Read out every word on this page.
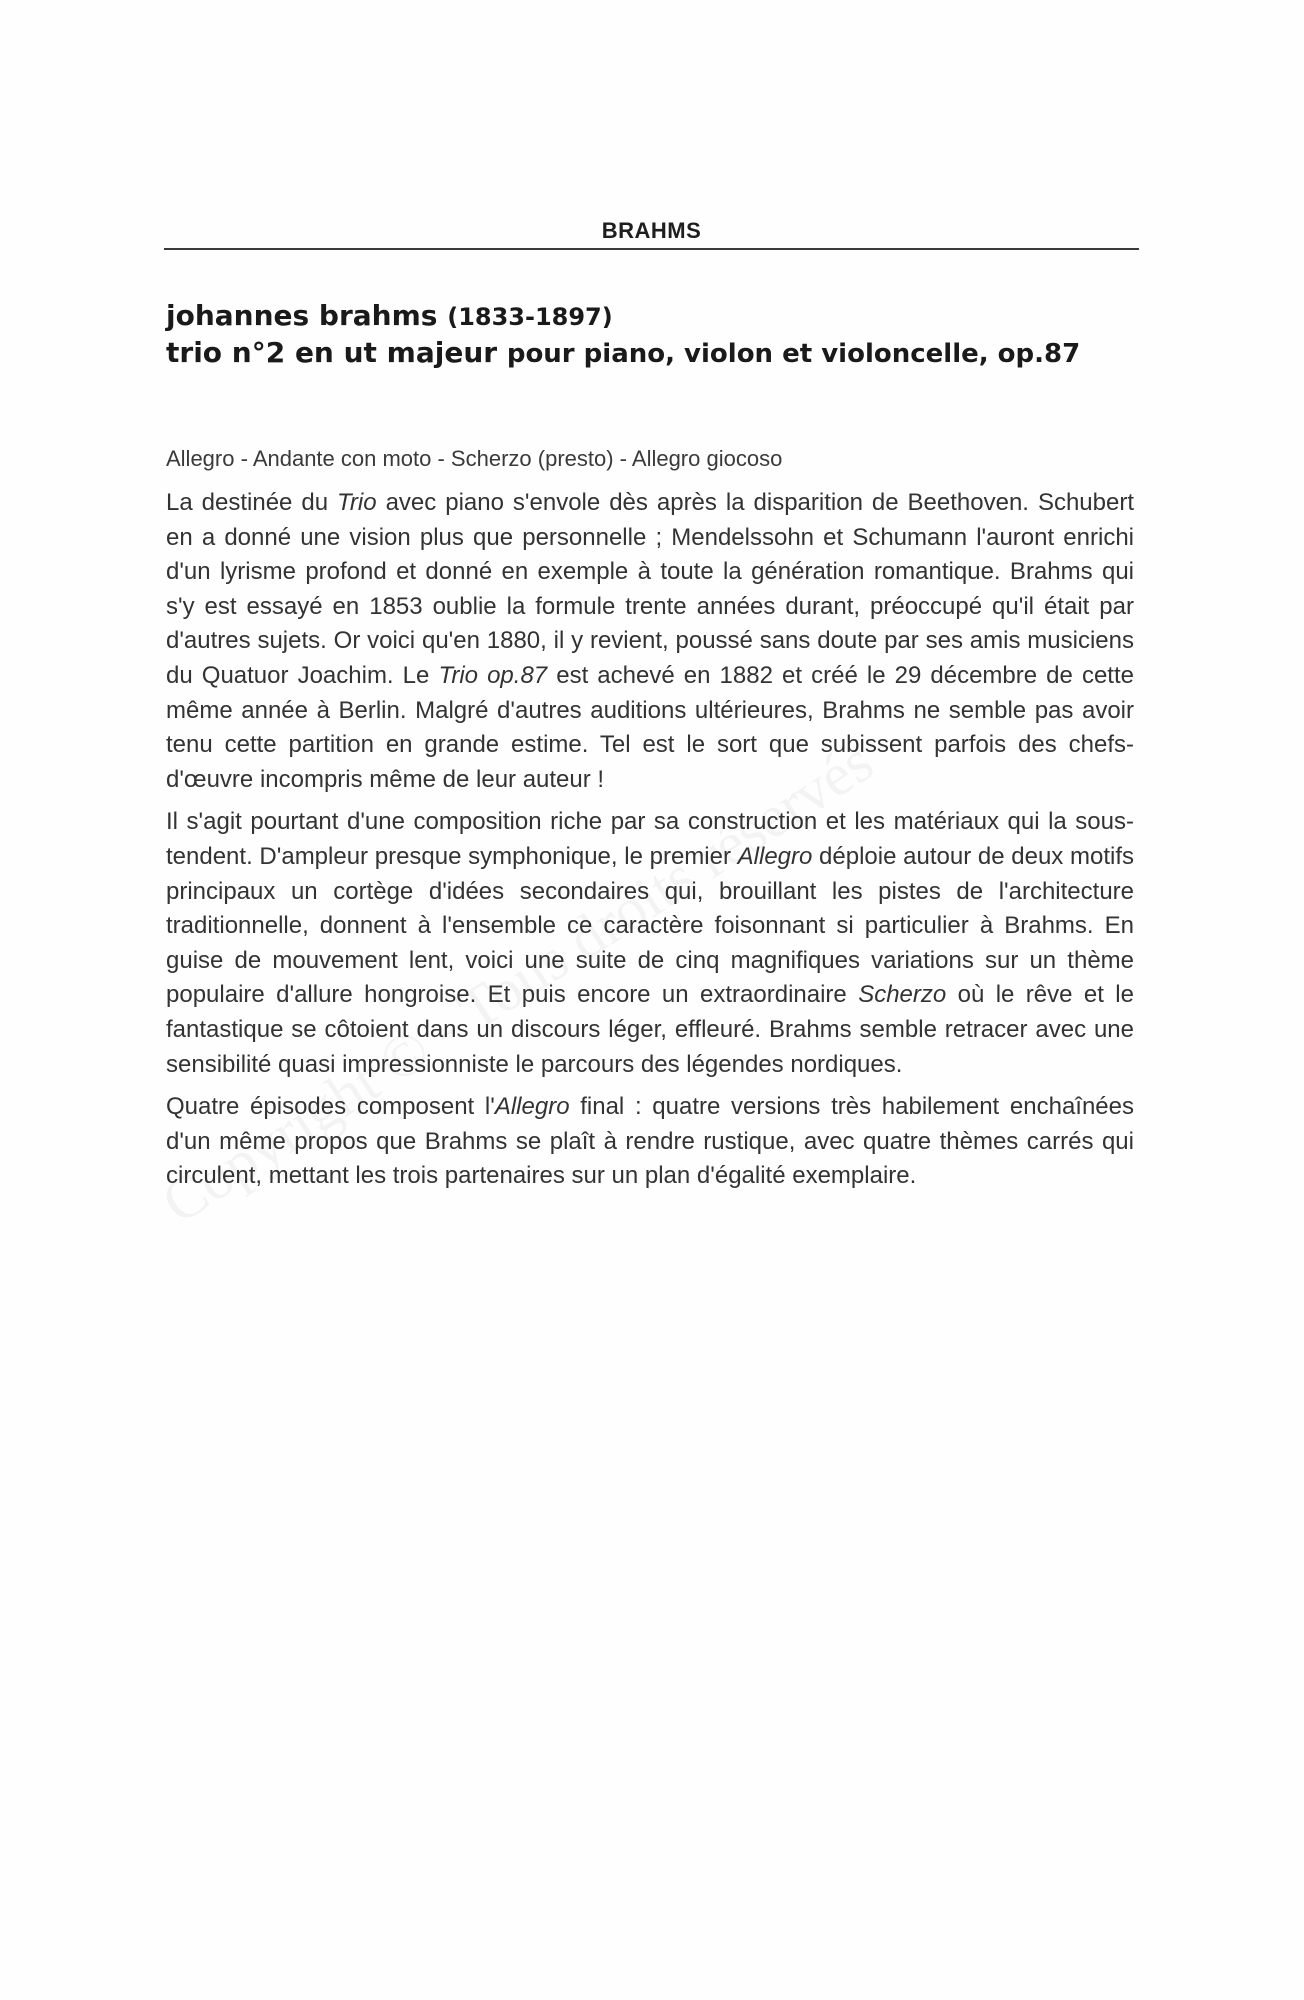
BRAHMS
johannes brahms (1833-1897)
trio n°2 en ut majeur pour piano, violon et violoncelle, op.87
Allegro - Andante con moto - Scherzo (presto) - Allegro giocoso

La destinée du Trio avec piano s'envole dès après la disparition de Beethoven. Schubert en a donné une vision plus que personnelle ; Mendelssohn et Schumann l'auront enrichi d'un lyrisme profond et donné en exemple à toute la génération romantique. Brahms qui s'y est essayé en 1853 oublie la formule trente années durant, préoccupé qu'il était par d'autres sujets. Or voici qu'en 1880, il y revient, poussé sans doute par ses amis musiciens du Quatuor Joachim. Le Trio op.87 est achevé en 1882 et créé le 29 décembre de cette même année à Berlin. Malgré d'autres auditions ultérieures, Brahms ne semble pas avoir tenu cette partition en grande estime. Tel est le sort que subissent parfois des chefs-d'œuvre incompris même de leur auteur !

Il s'agit pourtant d'une composition riche par sa construction et les matériaux qui la sous-tendent. D'ampleur presque symphonique, le premier Allegro déploie autour de deux motifs principaux un cortège d'idées secondaires qui, brouillant les pistes de l'architecture traditionnelle, donnent à l'ensemble ce caractère foisonnant si particulier à Brahms. En guise de mouvement lent, voici une suite de cinq magnifiques variations sur un thème populaire d'allure hongroise. Et puis encore un extraordinaire Scherzo où le rêve et le fantastique se côtoient dans un discours léger, effleuré. Brahms semble retracer avec une sensibilité quasi impressionniste le parcours des légendes nordiques.

Quatre épisodes composent l'Allegro final : quatre versions très habilement enchaînées d'un même propos que Brahms se plaît à rendre rustique, avec quatre thèmes carrés qui circulent, mettant les trois partenaires sur un plan d'égalité exemplaire.
